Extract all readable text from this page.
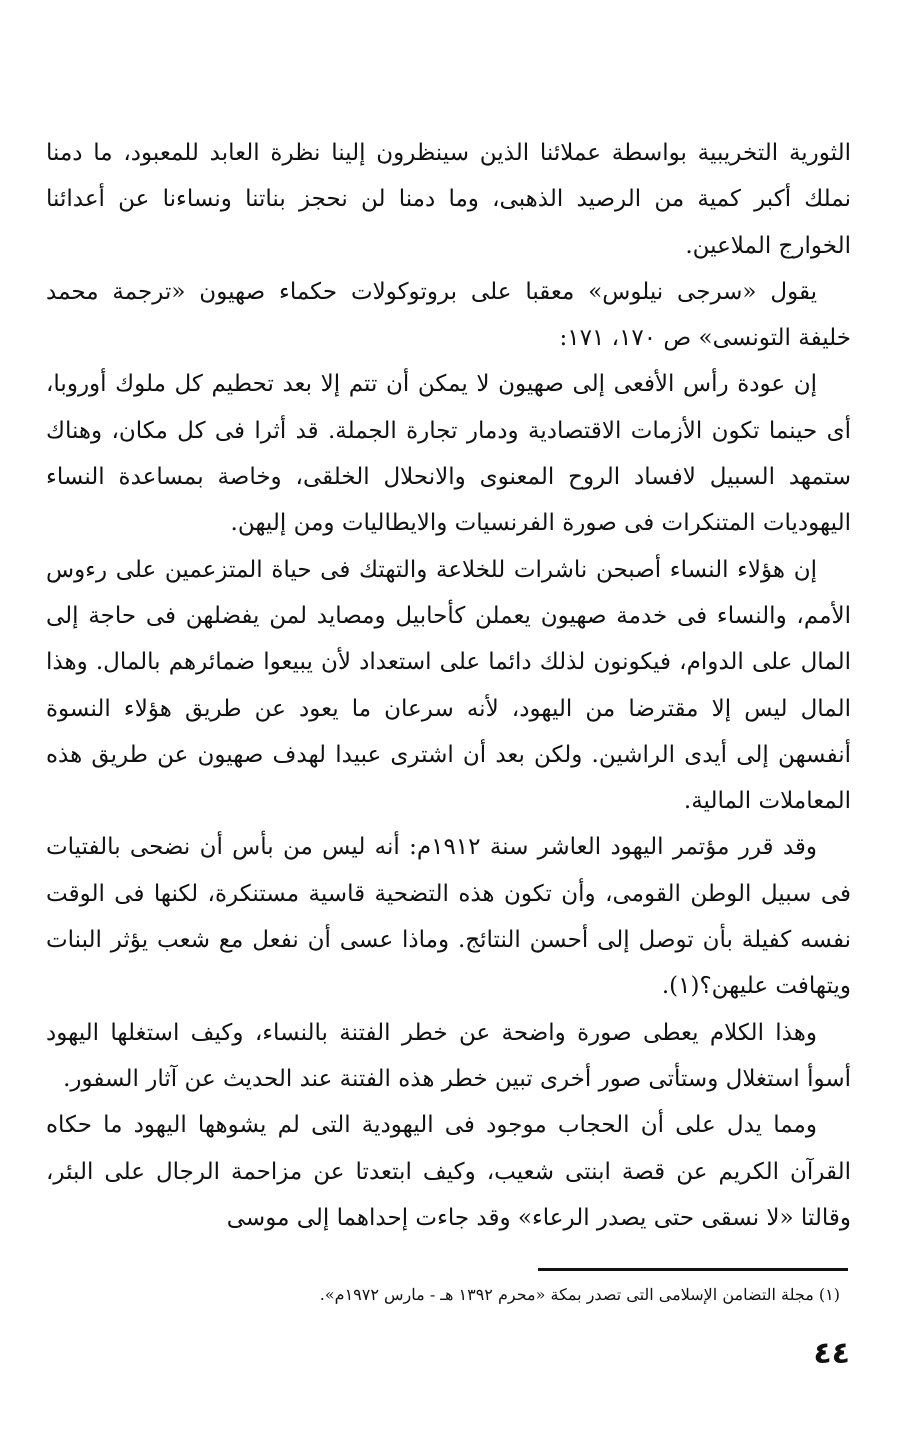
الثورية التخريبية بواسطة عملائنا الذين سينظرون إلينا نظرة العابد للمعبود، ما دمنا نملك أكبر كمية من الرصيد الذهبى، وما دمنا لن نحجز بناتنا ونساءنا عن أعدائنا الخوارج الملاعين.

يقول «سرجى نيلوس» معقبا على بروتوكولات حكماء صهيون «ترجمة محمد خليفة التونسى» ص ١٧٠، ١٧١:

إن عودة رأس الأفعى إلى صهيون لا يمكن أن تتم إلا بعد تحطيم كل ملوك أوروبا، أى حينما تكون الأزمات الاقتصادية ودمار تجارة الجملة. قد أثرا فى كل مكان، وهناك ستمهد السبيل لافساد الروح المعنوى والانحلال الخلقى، وخاصة بمساعدة النساء اليهوديات المتنكرات فى صورة الفرنسيات والايطاليات ومن إليهن.

إن هؤلاء النساء أصبحن ناشرات للخلاعة والتهتك فى حياة المتزعمين على رءوس الأمم، والنساء فى خدمة صهيون يعملن كأحابيل ومصايد لمن يفضلهن فى حاجة إلى المال على الدوام، فيكونون لذلك دائما على استعداد لأن يبيعوا ضمائرهم بالمال. وهذا المال ليس إلا مقترضا من اليهود، لأنه سرعان ما يعود عن طريق هؤلاء النسوة أنفسهن إلى أيدى الراشين. ولكن بعد أن اشترى عبيدا لهدف صهيون عن طريق هذه المعاملات المالية.

وقد قرر مؤتمر اليهود العاشر سنة ١٩١٢م: أنه ليس من بأس أن نضحى بالفتيات فى سبيل الوطن القومى، وأن تكون هذه التضحية قاسية مستنكرة، لكنها فى الوقت نفسه كفيلة بأن توصل إلى أحسن النتائج. وماذا عسى أن نفعل مع شعب يؤثر البنات ويتهافت عليهن؟(١).

وهذا الكلام يعطى صورة واضحة عن خطر الفتنة بالنساء، وكيف استغلها اليهود أسوأ استغلال وستأتى صور أخرى تبين خطر هذه الفتنة عند الحديث عن آثار السفور.

ومما يدل على أن الحجاب موجود فى اليهودية التى لم يشوهها اليهود ما حكاه القرآن الكريم عن قصة ابنتى شعيب، وكيف ابتعدتا عن مزاحمة الرجال على البئر، وقالتا «لا نسقى حتى يصدر الرعاء» وقد جاءت إحداهما إلى موسى

(١) مجلة التضامن الإسلامى التى تصدر بمكة «محرم ١٣٩٢ هـ - مارس ١٩٧٢م».
٤٤
